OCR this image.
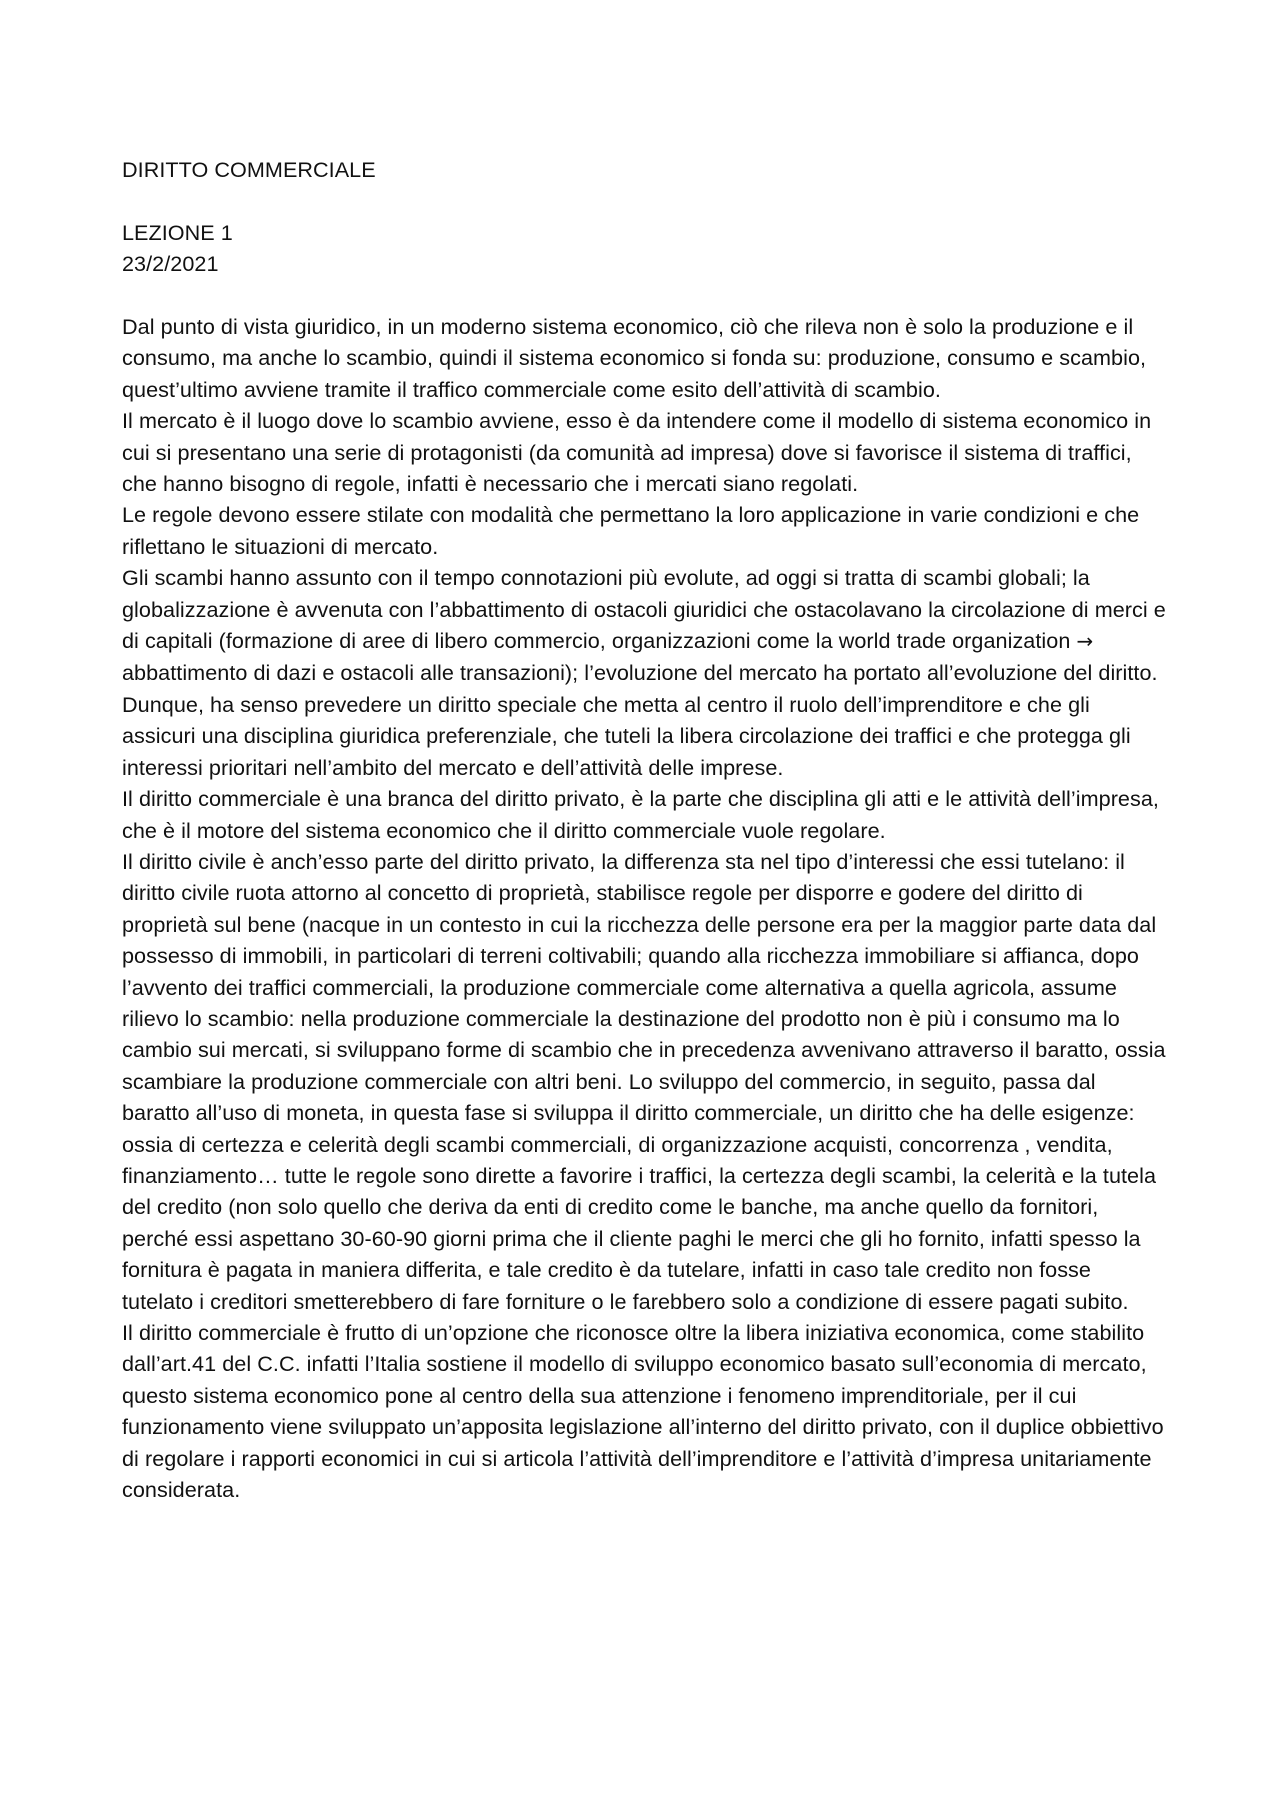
DIRITTO COMMERCIALE
LEZIONE 1
23/2/2021

Dal punto di vista giuridico, in un moderno sistema economico, ciò che rileva non è solo la produzione e il consumo, ma anche lo scambio, quindi il sistema economico si fonda su: produzione, consumo e scambio, quest’ultimo avviene tramite il traffico commerciale come esito dell’attività di scambio.

Il mercato è il luogo dove lo scambio avviene, esso è da intendere come il modello di sistema economico in cui si presentano una serie di protagonisti (da comunità ad impresa) dove si favorisce il sistema di traffici, che hanno bisogno di regole, infatti è necessario che i mercati siano regolati.

Le regole devono essere stilate con modalità che permettano la loro applicazione in varie condizioni e che riflettano le situazioni di mercato.

Gli scambi hanno assunto con il tempo connotazioni più evolute, ad oggi si tratta di scambi globali; la globalizzazione è avvenuta con l’abbattimento di ostacoli giuridici che ostacolavano la circolazione di merci e di capitali (formazione di aree di libero commercio, organizzazioni come la world trade organization → abbattimento di dazi e ostacoli alle transazioni); l’evoluzione del mercato ha portato all’evoluzione del diritto.

Dunque, ha senso prevedere un diritto speciale che metta al centro il ruolo dell’imprenditore e che gli assicuri una disciplina giuridica preferenziale, che tuteli la libera circolazione dei traffici e che protegga gli interessi prioritari nell’ambito del mercato e dell’attività delle imprese.

Il diritto commerciale è una branca del diritto privato, è la parte che disciplina gli atti e le attività dell’impresa, che è il motore del sistema economico che il diritto commerciale vuole regolare.

Il diritto civile è anch’esso parte del diritto privato, la differenza sta nel tipo d’interessi che essi tutelano: il diritto civile ruota attorno al concetto di proprietà, stabilisce regole per disporre e godere del diritto di proprietà sul bene (nacque in un contesto in cui la ricchezza delle persone era per la maggior parte data dal possesso di immobili, in particolari di terreni coltivabili; quando alla ricchezza immobiliare si affianca, dopo l’avvento dei traffici commerciali, la produzione commerciale come alternativa a quella agricola, assume rilievo lo scambio: nella produzione commerciale la destinazione del prodotto non è più i consumo ma lo cambio sui mercati, si sviluppano forme di scambio che in precedenza avvenivano attraverso il baratto, ossia scambiare la produzione commerciale con altri beni. Lo sviluppo del commercio, in seguito, passa dal baratto all’uso di moneta, in questa fase si sviluppa il diritto commerciale, un diritto che ha delle esigenze: ossia di certezza e celerità degli scambi commerciali, di organizzazione acquisti, concorrenza , vendita, finanziamento… tutte le regole sono dirette a favorire i traffici, la certezza degli scambi, la celerità e la tutela del credito (non solo quello che deriva da enti di credito come le banche, ma anche quello da fornitori, perché essi aspettano 30-60-90 giorni prima che il cliente paghi le merci che gli ho fornito, infatti spesso la fornitura è pagata in maniera differita, e tale credito è da tutelare, infatti in caso tale credito non fosse tutelato i creditori smetterebbero di fare forniture o le farebbero solo a condizione di essere pagati subito.

Il diritto commerciale è frutto di un’opzione che riconosce oltre la libera iniziativa economica, come stabilito dall’art.41 del C.C. infatti l’Italia sostiene il modello di sviluppo economico basato sull’economia di mercato, questo sistema economico pone al centro della sua attenzione i fenomeno imprenditoriale, per il cui funzionamento viene sviluppato un’apposita legislazione all’interno del diritto privato, con il duplice obbiettivo di regolare i rapporti economici in cui si articola l’attività dell’imprenditore e l’attività d’impresa unitariamente considerata.
